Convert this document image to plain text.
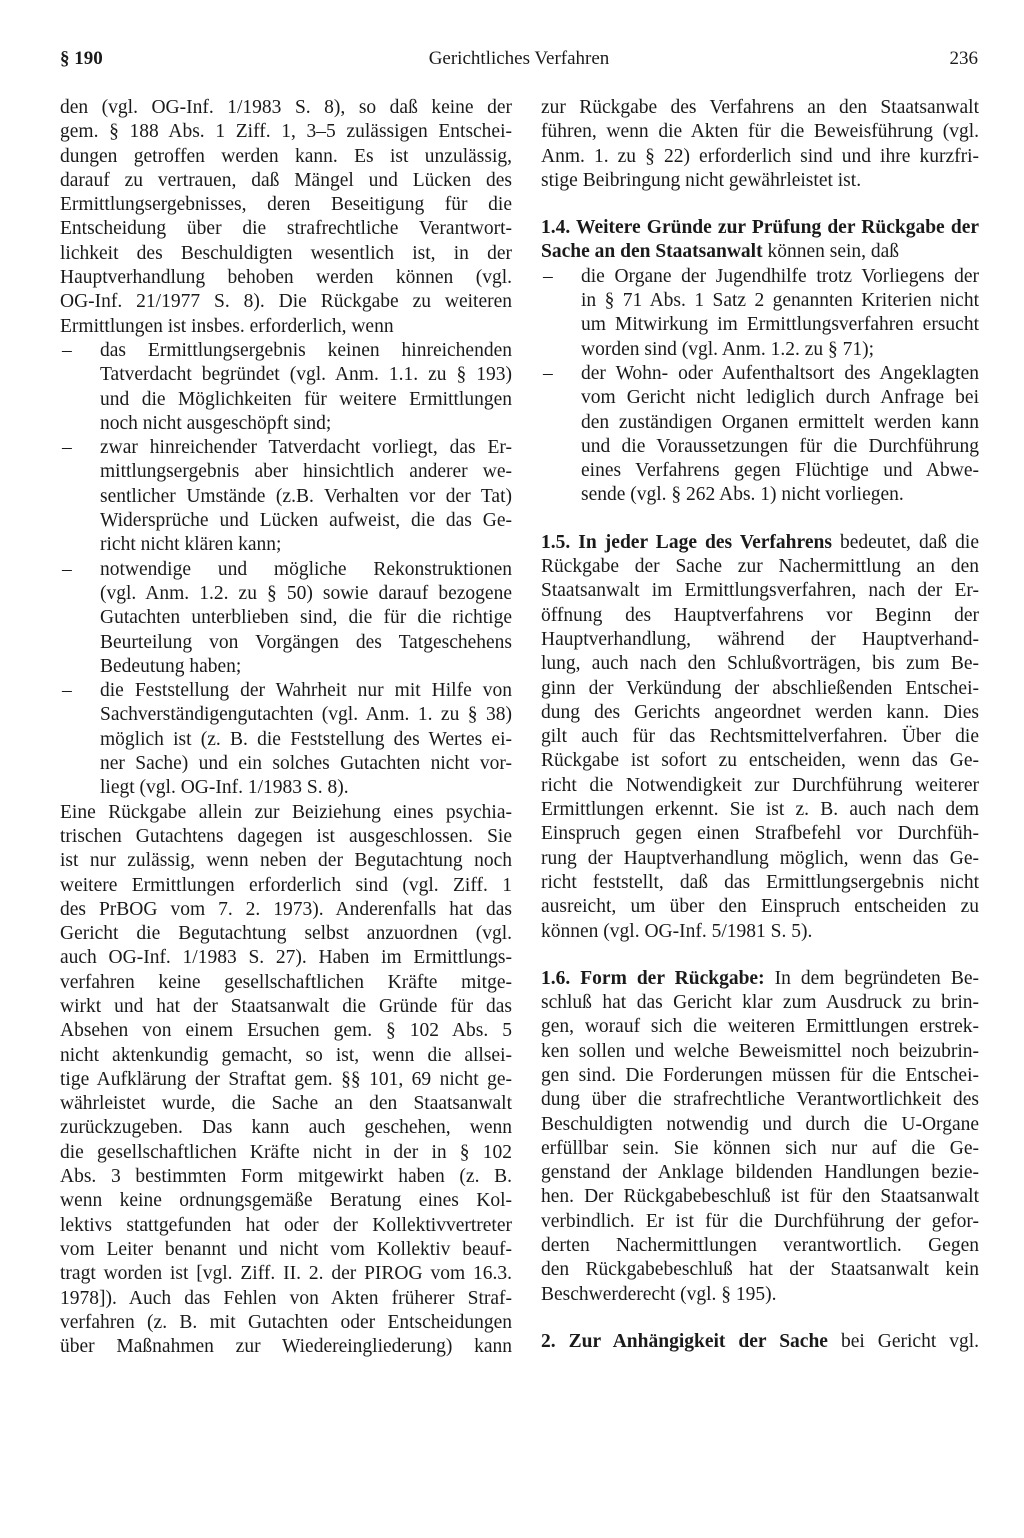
§ 190	Gerichtliches Verfahren	236
den (vgl. OG-Inf. 1/1983 S. 8), so daß keine der
gem. § 188 Abs. 1 Ziff. 1, 3–5 zulässigen Entschei-
dungen getroffen werden kann. Es ist unzulässig,
darauf zu vertrauen, daß Mängel und Lücken des
Ermittlungsergebnisses, deren Beseitigung für die
Entscheidung über die strafrechtliche Verantwort-
lichkeit des Beschuldigten wesentlich ist, in der
Hauptverhandlung behoben werden können (vgl.
OG-Inf. 21/1977 S. 8). Die Rückgabe zu weiteren
Ermittlungen ist insbes. erforderlich, wenn
– das Ermittlungsergebnis keinen hinreichenden
Tatverdacht begründet (vgl. Anm. 1.1. zu § 193)
und die Möglichkeiten für weitere Ermittlungen
noch nicht ausgeschöpft sind;
– zwar hinreichender Tatverdacht vorliegt, das Er-
mittlungsergebnis aber hinsichtlich anderer we-
sentlicher Umstände (z.B. Verhalten vor der Tat)
Widersprüche und Lücken aufweist, die das Ge-
richt nicht klären kann;
– notwendige und mögliche Rekonstruktionen
(vgl. Anm. 1.2. zu § 50) sowie darauf bezogene
Gutachten unterblieben sind, die für die richtige
Beurteilung von Vorgängen des Tatgeschehens
Bedeutung haben;
– die Feststellung der Wahrheit nur mit Hilfe von
Sachverständigengutachten (vgl. Anm. 1. zu § 38)
möglich ist (z. B. die Feststellung des Wertes ei-
ner Sache) und ein solches Gutachten nicht vor-
liegt (vgl. OG-Inf. 1/1983 S. 8).
Eine Rückgabe allein zur Beiziehung eines psychia-
trischen Gutachtens dagegen ist ausgeschlossen. Sie
ist nur zulässig, wenn neben der Begutachtung noch
weitere Ermittlungen erforderlich sind (vgl. Ziff. 1
des PrBOG vom 7. 2. 1973). Anderenfalls hat das
Gericht die Begutachtung selbst anzuordnen (vgl.
auch OG-Inf. 1/1983 S. 27). Haben im Ermittlungs-
verfahren keine gesellschaftlichen Kräfte mitge-
wirkt und hat der Staatsanwalt die Gründe für das
Absehen von einem Ersuchen gem. § 102 Abs. 5
nicht aktenkundig gemacht, so ist, wenn die allsei-
tige Aufklärung der Straftat gem. §§ 101, 69 nicht ge-
währleistet wurde, die Sache an den Staatsanwalt
zurückzugeben. Das kann auch geschehen, wenn
die gesellschaftlichen Kräfte nicht in der in § 102
Abs. 3 bestimmten Form mitgewirkt haben (z. B.
wenn keine ordnungsgemäße Beratung eines Kol-
lektivs stattgefunden hat oder der Kollektivvertreter
vom Leiter benannt und nicht vom Kollektiv beauf-
tragt worden ist [vgl. Ziff. II. 2. der PIROG vom 16.3.
1978]). Auch das Fehlen von Akten früherer Straf-
verfahren (z. B. mit Gutachten oder Entscheidungen
über Maßnahmen zur Wiedereingliederung) kann
zur Rückgabe des Verfahrens an den Staatsanwalt
führen, wenn die Akten für die Beweisführung (vgl.
Anm. 1. zu § 22) erforderlich sind und ihre kurzfri-
stige Beibringung nicht gewährleistet ist.
1.4. Weitere Gründe zur Prüfung der Rückgabe der
Sache an den Staatsanwalt können sein, daß
– die Organe der Jugendhilfe trotz Vorliegens der
in § 71 Abs. 1 Satz 2 genannten Kriterien nicht
um Mitwirkung im Ermittlungsverfahren ersucht
worden sind (vgl. Anm. 1.2. zu § 71);
– der Wohn- oder Aufenthaltsort des Angeklagten
vom Gericht nicht lediglich durch Anfrage bei
den zuständigen Organen ermittelt werden kann
und die Voraussetzungen für die Durchführung
eines Verfahrens gegen Flüchtige und Abwe-
sende (vgl. § 262 Abs. 1) nicht vorliegen.
1.5. In jeder Lage des Verfahrens bedeutet, daß die
Rückgabe der Sache zur Nachermittlung an den
Staatsanwalt im Ermittlungsverfahren, nach der Er-
öffnung des Hauptverfahrens vor Beginn der
Hauptverhandlung, während der Hauptverhand-
lung, auch nach den Schlußvorträgen, bis zum Be-
ginn der Verkündung der abschließenden Entschei-
dung des Gerichts angeordnet werden kann. Dies
gilt auch für das Rechtsmittelverfahren. Über die
Rückgabe ist sofort zu entscheiden, wenn das Ge-
richt die Notwendigkeit zur Durchführung weiterer
Ermittlungen erkennt. Sie ist z. B. auch nach dem
Einspruch gegen einen Strafbefehl vor Durchfüh-
rung der Hauptverhandlung möglich, wenn das Ge-
richt feststellt, daß das Ermittlungsergebnis nicht
ausreicht, um über den Einspruch entscheiden zu
können (vgl. OG-Inf. 5/1981 S. 5).
1.6. Form der Rückgabe: In dem begründeten Be-
schluß hat das Gericht klar zum Ausdruck zu brin-
gen, worauf sich die weiteren Ermittlungen erstrek-
ken sollen und welche Beweismittel noch beizubrin-
gen sind. Die Forderungen müssen für die Entschei-
dung über die strafrechtliche Verantwortlichkeit des
Beschuldigten notwendig und durch die U-Organe
erfüllbar sein. Sie können sich nur auf die Ge-
genstand der Anklage bildenden Handlungen bezie-
hen. Der Rückgabebeschluß ist für den Staatsanwalt
verbindlich. Er ist für die Durchführung der gefor-
derten Nachermittlungen verantwortlich. Gegen
den Rückgabebeschluß hat der Staatsanwalt kein
Beschwerderecht (vgl. § 195).
2. Zur Anhängigkeit der Sache bei Gericht vgl.
